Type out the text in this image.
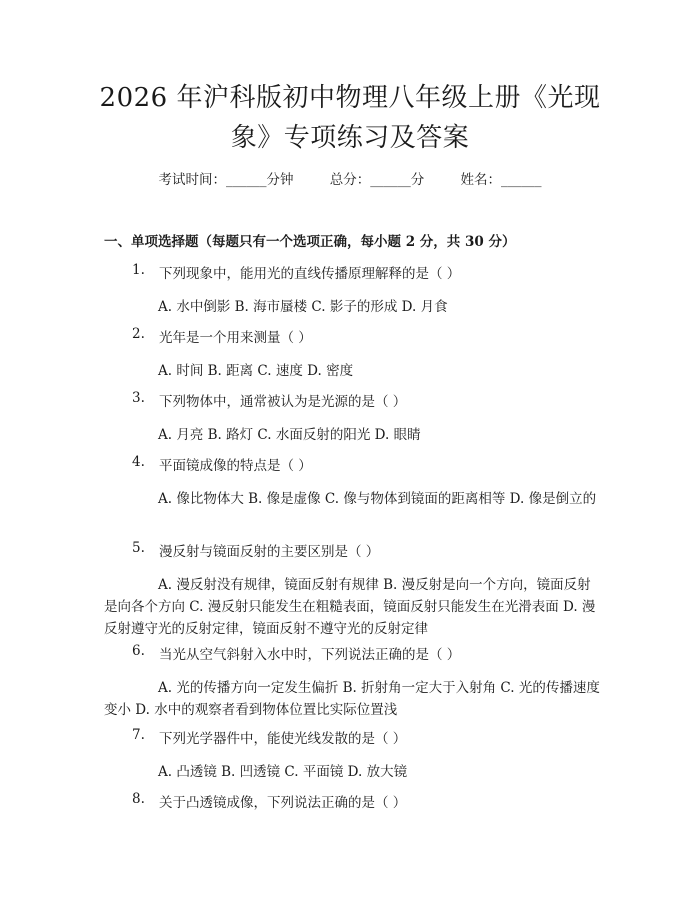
2026 年沪科版初中物理八年级上册《光现
象》专项练习及答案
考试时间：______分钟	总分：______分	姓名：______
一、单项选择题（每题只有一个选项正确，每小题 2 分，共 30 分）
1. 下列现象中，能用光的直线传播原理解释的是（ ）
A. 水中倒影 B. 海市蜃楼 C. 影子的形成 D. 月食
2. 光年是一个用来测量（ ）
A. 时间 B. 距离 C. 速度 D. 密度
3. 下列物体中，通常被认为是光源的是（ ）
A. 月亮 B. 路灯 C. 水面反射的阳光 D. 眼睛
4. 平面镜成像的特点是（ ）
A. 像比物体大 B. 像是虚像 C. 像与物体到镜面的距离相等 D. 像是倒立的
5. 漫反射与镜面反射的主要区别是（ ）
A. 漫反射没有规律，镜面反射有规律 B. 漫反射是向一个方向，镜面反射是向各个方向 C. 漫反射只能发生在粗糙表面，镜面反射只能发生在光滑表面 D. 漫反射遵守光的反射定律，镜面反射不遵守光的反射定律
6. 当光从空气斜射入水中时，下列说法正确的是（ ）
A. 光的传播方向一定发生偏折 B. 折射角一定大于入射角 C. 光的传播速度变小 D. 水中的观察者看到物体位置比实际位置浅
7. 下列光学器件中，能使光线发散的是（ ）
A. 凸透镜 B. 凹透镜 C. 平面镜 D. 放大镜
8. 关于凸透镜成像，下列说法正确的是（ ）
